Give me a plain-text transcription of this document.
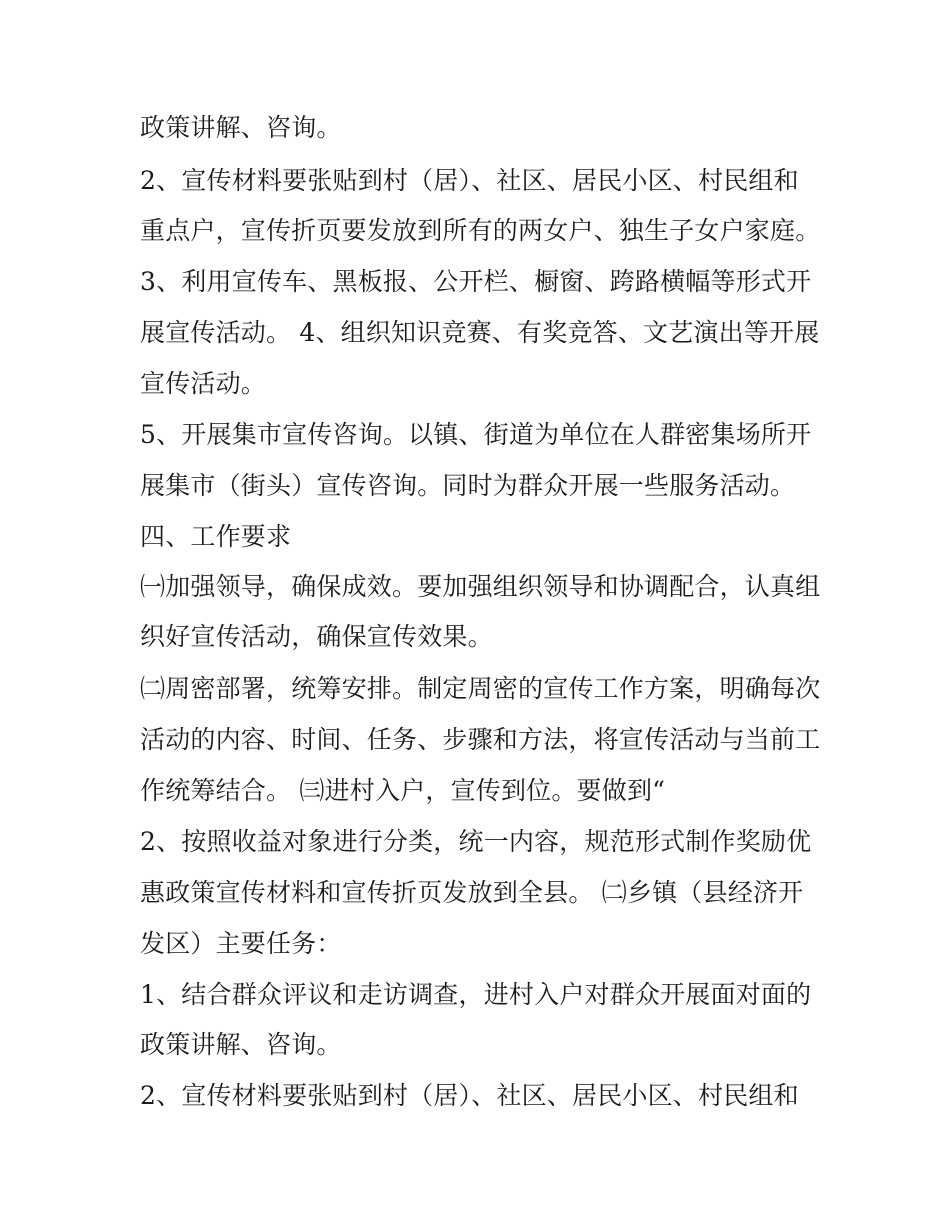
政策讲解、咨询。
2、宣传材料要张贴到村（居）、社区、居民小区、村民组和
重点户，宣传折页要发放到所有的两女户、独生子女户家庭。
3、利用宣传车、黑板报、公开栏、橱窗、跨路横幅等形式开
展宣传活动。 4、组织知识竞赛、有奖竞答、文艺演出等开展
宣传活动。
5、开展集市宣传咨询。以镇、街道为单位在人群密集场所开
展集市（街头）宣传咨询。同时为群众开展一些服务活动。
四、工作要求
㈠加强领导，确保成效。要加强组织领导和协调配合，认真组
织好宣传活动，确保宣传效果。
㈡周密部署，统筹安排。制定周密的宣传工作方案，明确每次
活动的内容、时间、任务、步骤和方法，将宣传活动与当前工
作统筹结合。 ㈢进村入户，宣传到位。要做到“
2、按照收益对象进行分类，统一内容，规范形式制作奖励优
惠政策宣传材料和宣传折页发放到全县。 ㈡乡镇（县经济开
发区）主要任务：
1、结合群众评议和走访调查，进村入户对群众开展面对面的
政策讲解、咨询。
2、宣传材料要张贴到村（居）、社区、居民小区、村民组和
